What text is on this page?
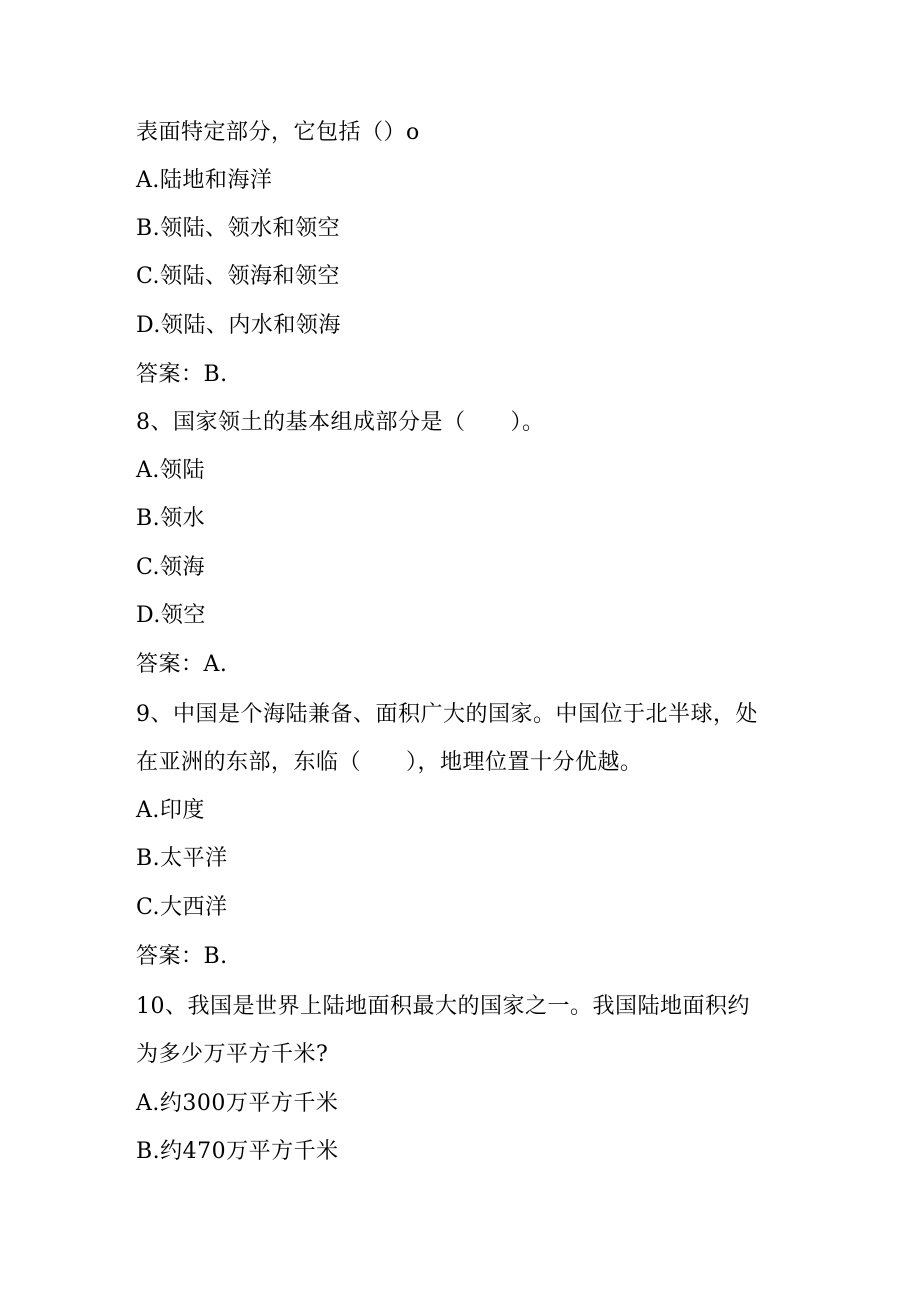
表面特定部分，它包括（）o
A.陆地和海洋
B.领陆、领水和领空
C.领陆、领海和领空
D.领陆、内水和领海
答案：B.
8、国家领土的基本组成部分是（　　）。
A.领陆
B.领水
C.领海
D.领空
答案：A.
9、中国是个海陆兼备、面积广大的国家。中国位于北半球，处
在亚洲的东部，东临（　　），地理位置十分优越。
A.印度
B.太平洋
C.大西洋
答案：B.
10、我国是世界上陆地面积最大的国家之一。我国陆地面积约
为多少万平方千米?
A.约300万平方千米
B.约470万平方千米
